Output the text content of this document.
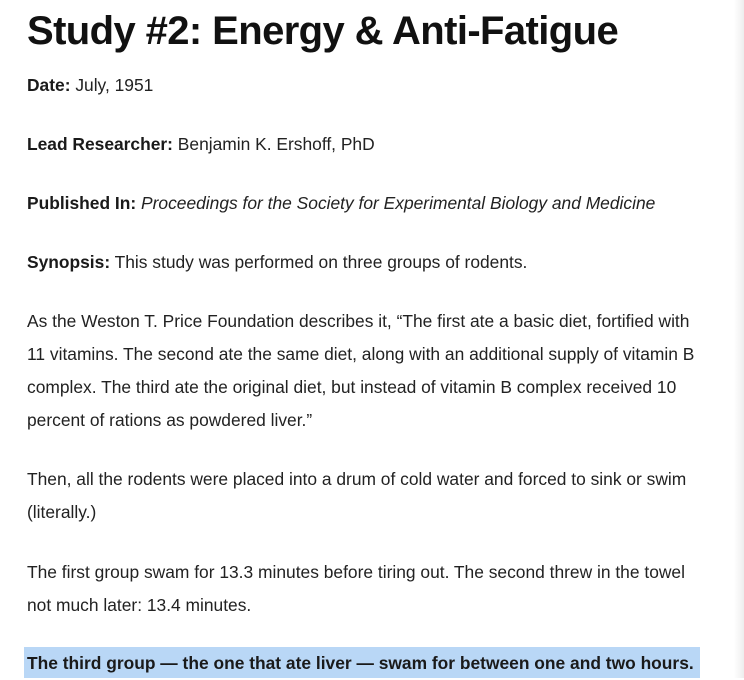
Study #2: Energy & Anti-Fatigue

Date: July, 1951

Lead Researcher: Benjamin K. Ershoff, PhD

Published In: Proceedings for the Society for Experimental Biology and Medicine

Synopsis: This study was performed on three groups of rodents.

As the Weston T. Price Foundation describes it, “The first ate a basic diet, fortified with
11 vitamins. The second ate the same diet, along with an additional supply of vitamin B
complex. The third ate the original diet, but instead of vitamin B complex received 10
percent of rations as powdered liver.”
Then, all the rodents were placed into a drum of cold water and forced to sink or swim
(literally.)
The first group swam for 13.3 minutes before tiring out. The second threw in the towel
not much later: 13.4 minutes.

The third group — the one that ate liver — swam for between one and two hours.
